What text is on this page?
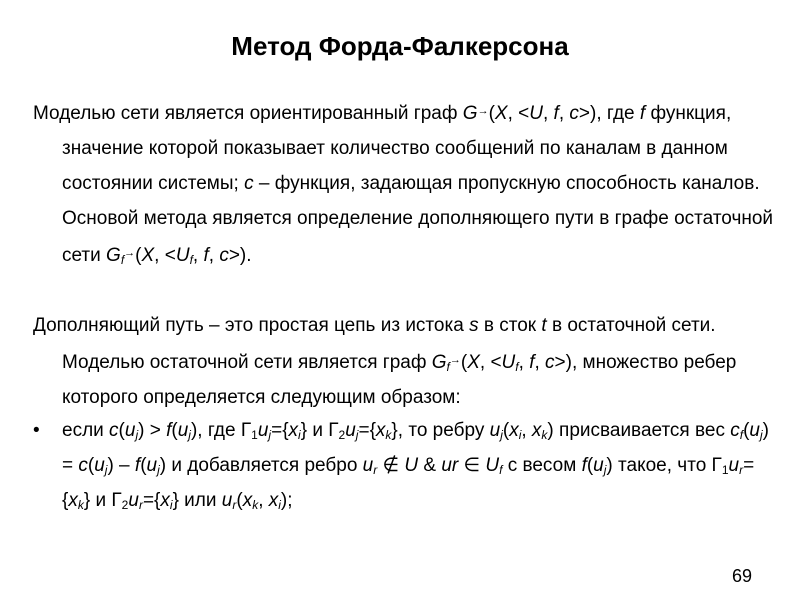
Метод Форда-Фалкерсона

Моделью сети является ориентированный граф G→(X, <U, f, c>), где f функция, значение которой показывает количество сообщений по каналам в данном состоянии системы; c – функция, задающая пропускную способность каналов. Основой метода является определение дополняющего пути в графе остаточной сети $G_f^\to(X$, $<U_f$, f, c>).

Дополняющий путь – это простая цепь из истока s в сток t в остаточной сети. Моделью остаточной сети является граф $G_f^\to(X$, $<U_f$, f, c>), множество ребер которого определяется следующим образом:

•	если $c(u_j) > f(u_j)$, где $Г_1u_j=\{x_i\}$ и $Г_2u_j=\{x_k\}$, то ребру $u_j(x_i$, $x_k$) присваивается вес $c_f(u_j) = c(u_j) - f(u_j)$ и добавляется ребро $u_r$ ∉ U & ur ∈ $U_f$ с весом $f(u_j)$ такое, что $Г_1u_r=\{x_k\}$ и $Г_2u_r=\{x_i\}$ или $u_r(x_k$, $x_i$);

69
